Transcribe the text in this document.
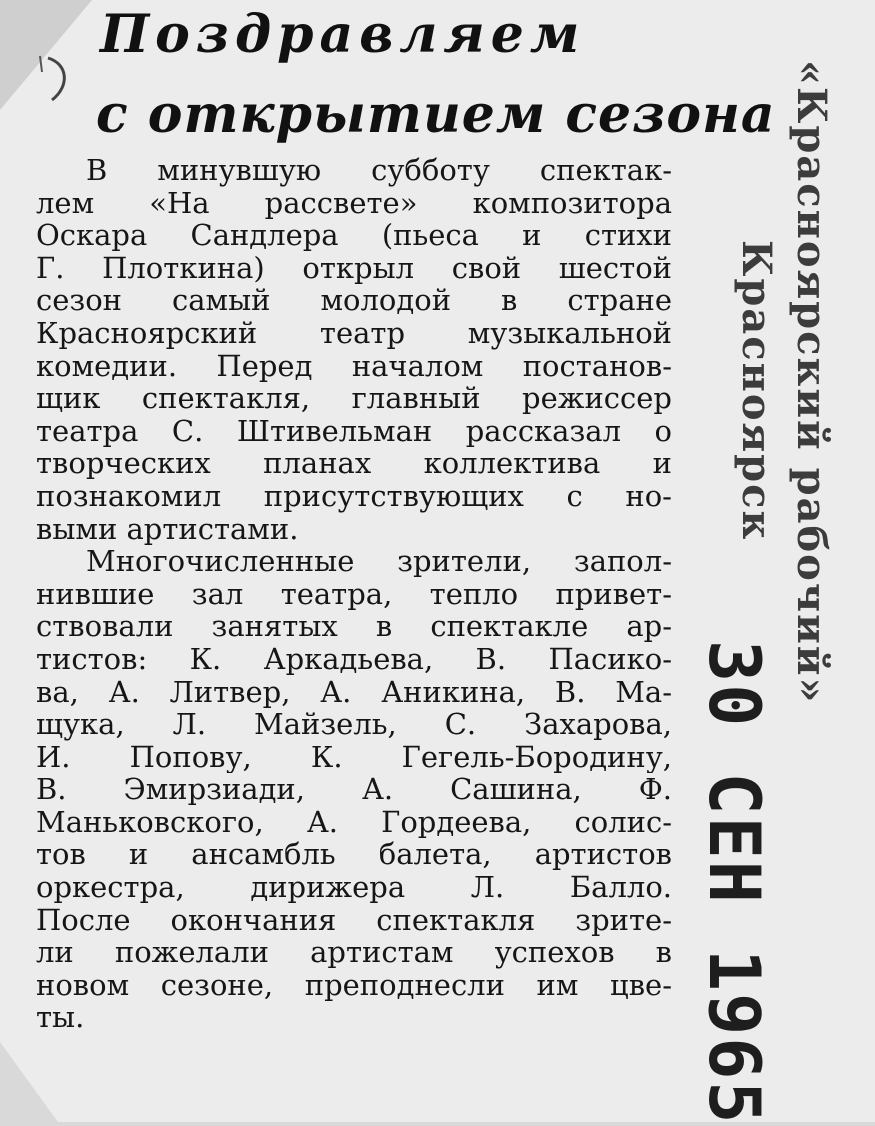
Поздравляем
с открытием сезона
В минувшую субботу спектак-
лем «На рассвете» композитора
Оскара Сандлера (пьеса и стихи
Г. Плоткина) открыл свой шестой
сезон самый молодой в стране
Красноярский театр музыкальной
комедии. Перед началом постанов-
щик спектакля, главный режиссер
театра С. Штивельман рассказал о
творческих планах коллектива и
познакомил присутствующих с но-
выми артистами.
Многочисленные зрители, запол-
нившие зал театра, тепло привет-
ствовали занятых в спектакле ар-
тистов: К. Аркадьева, В. Пасико-
ва, А. Литвер, А. Аникина, В. Ма-
щука, Л. Майзель, С. Захарова,
И. Попову, К. Гегель-Бородину,
В. Эмирзиади, А. Сашина, Ф.
Маньковского, А. Гордеева, солис-
тов и ансамбль балета, артистов
оркестра, дирижера Л. Балло.
После окончания спектакля зрите-
ли пожелали артистам успехов в
новом сезоне, преподнесли им цве-
ты.
«Красноярский рабочий»
Красноярск
30 СЕН 1965
